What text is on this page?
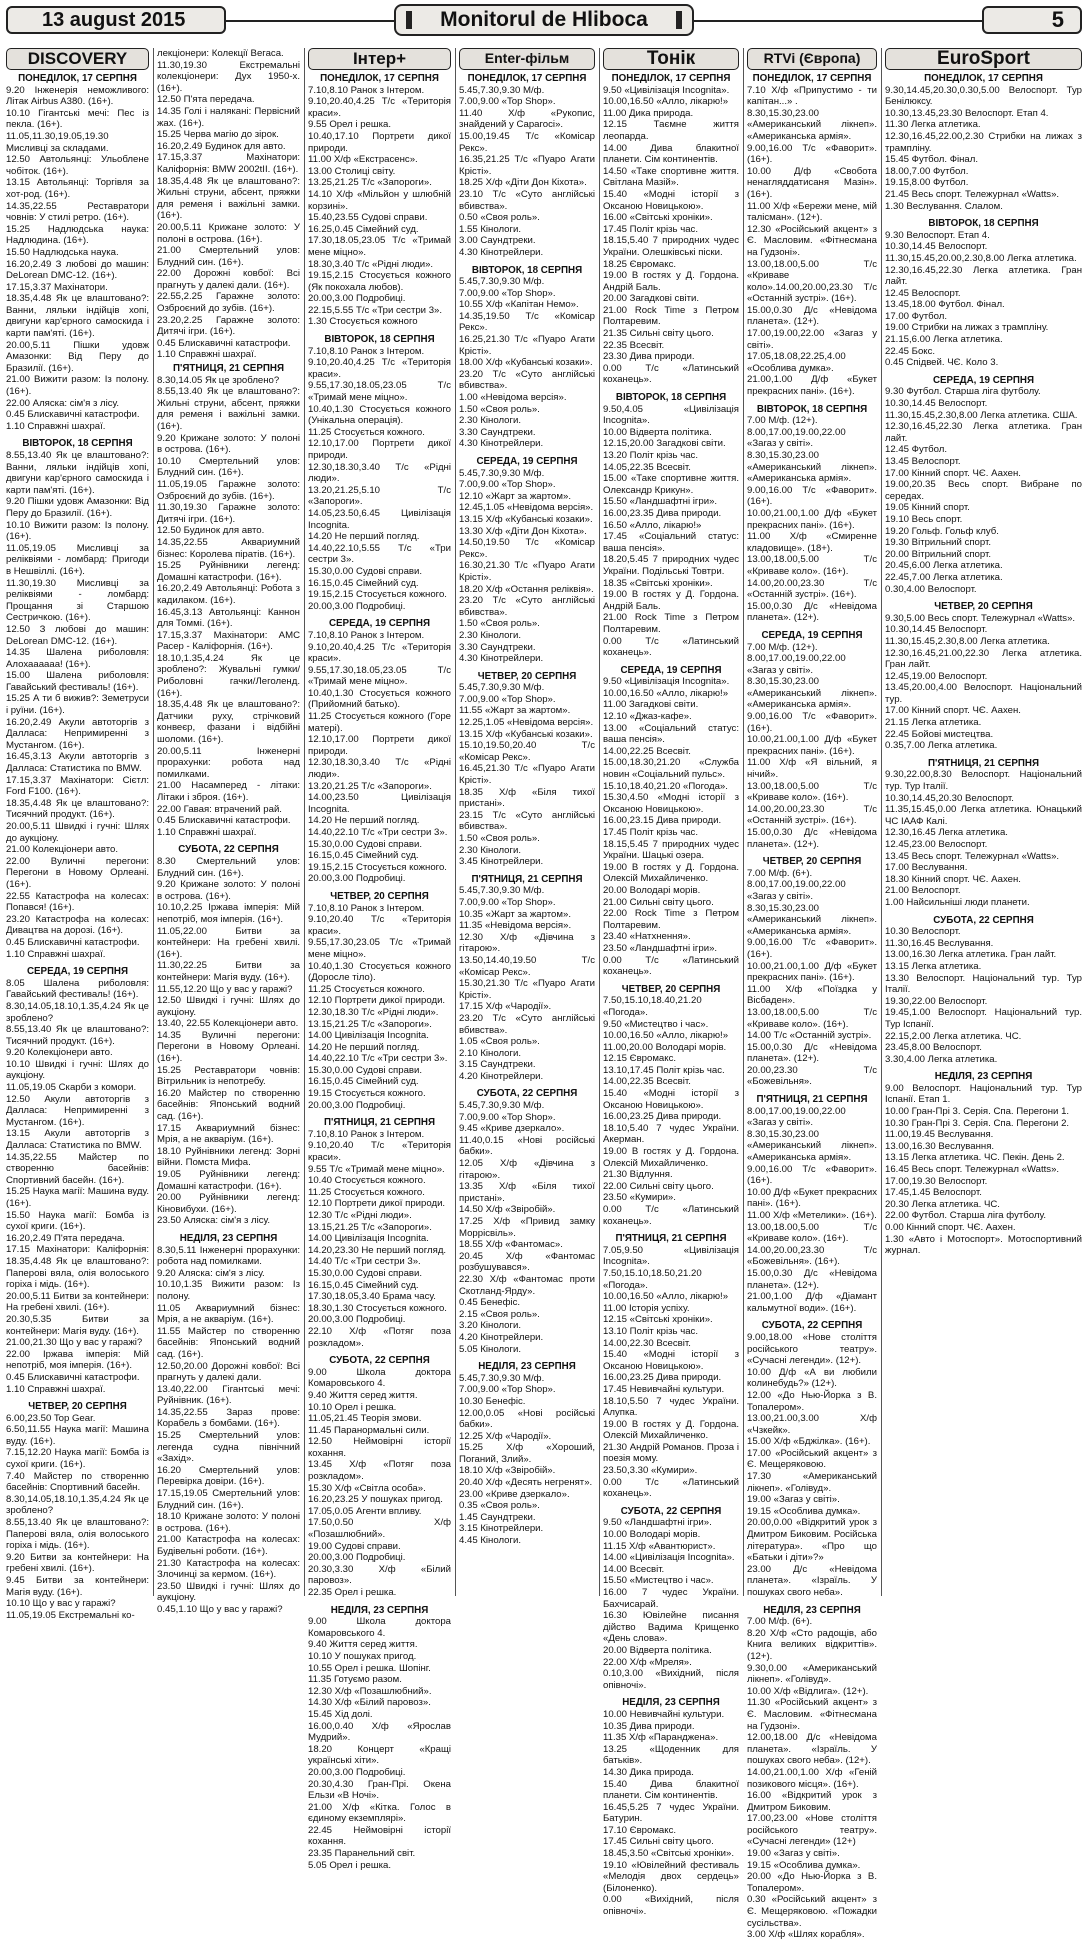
13 august 2015	Monitorul de Hliboca	5
DISCOVERY
ПОНЕДІЛОК, 17 СЕРПНЯ
9.20 Інженерія неможливого: Літак Airbus A380. (16+).
10.10 Гігантські мечі: Пес із пекла. (16+).
11.05,11.30,19.05,19.30 Мисливці за складами.
12.50 Автольянці: Ульоблене чобіток. (16+).
13.15 Автольянці: Торгівля за хот-род. (16+).
14.35,22.55 Реставратори човнів: У стилі ретро. (16+).
15.25 Надлюдська наука: Надлюдина. (16+).
15.50 Надлюдська наука.
16.20,2.49 З любові до машин: DeLorean DMC-12. (16+).
17.15,3.37 Махінатори.
18.35,4.48 Як це влаштовано?: Ванни, ляльки індійців хопі, двигуни кар'єрного самоскида і карти пам'яті. (16+).
20.00,5.11 Пішки удовж Амазонки: Від Перу до Бразилії. (16+).
21.00 Вижити разом: Із полону. (16+).
22.00 Аляска: сім'я з лісу.
0.45 Блискавичні катастрофи.
1.10 Справжні шахраї.
ВІВТОРОК, 18 СЕРПНЯ
8.55,13.40 Як це влаштовано?: Ванни, ляльки індійців хопі, двигуни кар'єрного самоскида і карти пам'яті. (16+).
9.20 Пішки удовж Амазонки: Від Перу до Бразилії. (16+).
10.10 Вижити разом: Із полону. (16+).
11.05,19.05 Мисливці за реліквіями - ломбард: Пригоди в Нешвіллі. (16+).
11.30,19.30 Мисливці за реліквіями - ломбард: Прощання зі Старшою Сестричкою. (16+).
12.50 З любові до машин: DeLorean DMC-12. (16+).
14.35 Шалена риболовля: Алохаааааа! (16+).
15.00 Шалена риболовля: Гавайський фестиваль! (16+).
15.25 А ти б вижив?: Земетруси і руїни. (16+).
16.20,2.49 Акули автоторгів з Далласа: Непримиренні з Мустангом. (16+).
16.45,3.13 Акули автоторгів з Далласа: Статистика по BMW.
17.15,3.37 Махінатори: Сієтл: Ford F100. (16+).
18.35,4.48 Як це влаштовано?: Тисячний продукт. (16+).
20.00,5.11 Швидкі і гучні: Шлях до аукціону.
21.00 Колекціонери авто.
22.00 Вуличні перегони: Перегони в Новому Орлеані. (16+).
22.55 Катастрофа на колесах: Попався! (16+).
23.20 Катастрофа на колесах: Дивацтва на дорозі. (16+).
0.45 Блискавичні катастрофи.
1.10 Справжні шахраї.
СЕРЕДА, 19 СЕРПНЯ
8.05 Шалена риболовля: Гавайський фестиваль! (16+).
8.30,14.05,18.10,1.35,4.24 Як це зроблено?
8.55,13.40 Як це влаштовано?: Тисячний продукт. (16+).
9.20 Колекціонери авто.
10.10 Швидкі і гучні: Шлях до аукціону.
11.05,19.05 Скарби з комори.
12.50 Акули автоторгів з Далласа: Непримиренні з Мустангом. (16+).
13.15 Акули автоторгів з Далласа: Статистика по BMW.
14.35,22.55 Майстер по створенню басейнів: Спортивний басейн. (16+).
15.25 Наука магії: Машина вуду. (16+).
15.50 Наука магії: Бомба із сухої криги. (16+).
16.20,2.49 П'ята передача.
17.15 Махінатори: Каліфорнія: 18.35,4.48 Як це влаштовано?: Паперові вяла, олія волоського горіха і мідь. (16+).
20.00,5.11 Битви за контейнери: На гребені хвилі. (16+).
20.30,5.35 Битви за контейнери: Магія вуду. (16+).
21.00,21.30 Що у вас у гаражі?
22.00 Іржава імперія: Мій непотріб, моя імперія. (16+).
0.45 Блискавичні катастрофи.
1.10 Справжні шахраї.
ЧЕТВЕР, 20 СЕРПНЯ
6.00,23.50 Top Gear.
6.50,11.55 Наука магії: Машина вуду. (16+).
7.15,12.20 Наука магії: Бомба із сухої криги. (16+).
7.40 Майстер по створенню басейнів: Спортивний басейн.
8.30,14.05,18.10,1.35,4.24 Як це зроблено?
8.55,13.40 Як це влаштовано?: Паперові вяла, олія волоського горіха і мідь. (16+).
9.20 Битви за контейнери: На гребені хвилі. (16+).
9.45 Битви за контейнери: Магія вуду. (16+).
10.10 Що у вас у гаражі?
11.05,19.05 Екстремальні ко-
лекціонери: Колекції Вегаса.
11.30,19.30 Екстремальні колекціонери: Дух 1950-х. (16+).
12.50 П'ята передача.
14.35 Голі і налякані: Первісний жах. (16+).
15.25 Черва магію до зірок.
16.20,2.49 Будинок для авто.
17.15,3.37 Махінатори: Каліфорнія: BMW 2002tII. (16+).
18.35,4.48 Як це влаштовано?: Жильні струни, абсент, пряжки для ременя і важільні замки. (16+).
20.00,5.11 Крижане золото: У полоні в острова. (16+).
21.00 Смертельний улов: Блудний син. (16+).
22.00 Дорожні ковбої: Всі прагнуть у далекі дали. (16+).
22.55,2.25 Гаражне золото: Озброєний до зубів. (16+).
23.20,2.25 Гаражне золото: Дитячі ігри. (16+).
0.45 Блискавичні катастрофи.
1.10 Справжні шахраї.
П'ЯТНИЦЯ, 21 СЕРПНЯ
8.30,14.05 Як це зроблено?
8.55,13.40 Як це влаштовано?: Жильні струни, абсент, пряжки для ременя і важільні замки. (16+).
9.20 Крижане золото: У полоні в острова. (16+).
10.10 Смертельний улов: Блудний син. (16+).
11.05,19.05 Гаражне золото: Озброєний до зубів. (16+).
11.30,19.30 Гаражне золото: Дитячі ігри. (16+).
12.50 Будинок для авто.
14.35,22.55 Аквариумний бізнес: Королева піратів. (16+).
15.25 Руйнівники легенд: Домашні катастрофи. (16+).
16.20,2.49 Автольянці: Робота з кадилаком. (16+).
16.45,3.13 Автольянці: Каннон для Томмі. (16+).
17.15,3.37 Махінатори: AMC Расер - Каліфорнія. (16+).
18.10,1.35,4.24 Як це зроблено?: Жувальні гумки/Риболовні гачки/Леголенд. (16+).
18.35,4.48 Як це влаштовано?: Датчики руху, стрічковий конвеєр, фазани і відбійні шоломи. (16+).
20.00,5.11 Інженерні прорахунки: робота над помилками.
21.00 Насамперед - літаки: Літаки і зброя. (16+).
22.00 Гавая: втрачений рай.
0.45 Блискавичні катастрофи.
1.10 Справжні шахраї.
СУБОТА, 22 СЕРПНЯ
8.30 Смертельний улов: Блудний син. (16+).
9.20 Крижане золото: У полоні в острова. (16+).
10.10,2.25 Іржава імперія: Мій непотріб, моя імперія. (16+).
11.05,22.00 Битви за контейнери: На гребені хвилі. (16+).
11.30,22.25 Битви за контейнери: Магія вуду. (16+).
11.55,12.20 Що у вас у гаражі?
12.50 Швидкі і гучні: Шлях до аукціону.
13.40, 22.55 Колекціонери авто.
14.35 Вуличні перегони: Перегони в Новому Орлеані. (16+).
15.25 Реставратори човнів: Вітрильник із непотребу.
16.20 Майстер по створенню басейнів: Японський водний сад. (16+).
17.15 Аквариумний бізнес: Мрія, а не акваріум. (16+).
18.10 Руйнівники легенд: Зорні війни. Помста Мифа.
19.05 Руйнівники легенд: Домашні катастрофи. (16+).
20.00 Руйнівники легенд: Кіновибухи. (16+).
23.50 Аляска: сім'я з лісу.
НЕДІЛЯ, 23 СЕРПНЯ
8.30,5.11 Інженерні прорахунки: робота над помилками.
9.20 Аляска: сім'я з лісу.
10.10,1.35 Вижити разом: Із полону.
11.05 Аквариумний бізнес: Мрія, а не акваріум. (16+).
11.55 Майстер по створенню басейнів: Японський водний сад. (16+).
12.50,20.00 Дорожні ковбої: Всі прагнуть у далекі дали.
13.40,22.00 Гігантські мечі: Руйнівник. (16+).
14.35,22.55 Зараз прове: Корабель з бомбами. (16+).
15.25 Смертельний улов: легенда судна північний «Захід».
16.20 Смертельний улов: Перевірка довіри. (16+).
17.15,19.05 Смертельний улов: Блудний син. (16+).
18.10 Крижане золото: У полоні в острова. (16+).
21.00 Катастрофа на колесах: Будівельні роботи. (16+).
21.30 Катастрофа на колесах: Злочинці за кермом. (16+).
23.50 Швидкі і гучні: Шлях до аукціону.
0.45,1.10 Що у вас у гаражі?
Інтер+
ПОНЕДІЛОК, 17 СЕРПНЯ
7.10,8.10 Ранок з Інтером.
9.10,20.40,4.25 Т/с «Територія краси».
9.55 Орел і решка.
10.40,17.10 Портрети дикої природи.
11.00 Х/ф «Екстрасенс».
13.00 Столиці світу.
13.25,21.25 Т/с «Запороги».
14.10 Х/ф «Мільйон у шлюбній корзині».
15.40,23.55 Судові справи.
16.25,0.45 Сімейний суд.
17.30,18.05,23.05 Т/с «Тримай мене міцно».
18.30,3.40 Т/с «Рідні люди».
19.15,2.15 Стосується кожного (Як покохала любов).
20.00,3.00 Подробиці.
22.15,5.55 Т/с «Три сестри 3».
1.30 Стосується кожного
ВІВТОРОК, 18 СЕРПНЯ
7.10,8.10 Ранок з Інтером.
9.10,20.40,4.25 Т/с «Територія краси».
9.55,17.30,18.05,23.05 Т/с «Тримай мене міцно».
10.40,1.30 Стосується кожного (Унікальна операція).
11.25 Стосується кожного.
12.10,17.00 Портрети дикої природи.
12.30,18.30,3.40 Т/с «Рідні люди».
13.20,21.25,5.10 Т/с «Запороги».
14.05,23.50,6.45 Цивілізація Incognita.
14.20 Не перший погляд.
14.40,22.10,5.55 Т/с «Три сестри 3».
15.30,0.00 Судові справи.
16.15,0.45 Сімейний суд.
19.15,2.15 Стосується кожного.
20.00,3.00 Подробиці.
СЕРЕДА, 19 СЕРПНЯ
7.10,8.10 Ранок з Інтером.
9.10,20.40,4.25 Т/с «Територія краси».
9.55,17.30,18.05,23.05 Т/с «Тримай мене міцно».
10.40,1.30 Стосується кожного (Прийомний батько).
11.25 Стосується кожного (Горе матері).
12.10,17.00 Портрети дикої природи.
12.30,18.30,3.40 Т/с «Рідні люди».
13.20,21.25 Т/с «Запороги».
14.00,23.50 Цивілізація Incognita.
14.20 Не перший погляд.
14.40,22.10 Т/с «Три сестри 3».
15.30,0.00 Судові справи.
16.15,0.45 Сімейний суд.
19.15,2.15 Стосується кожного.
20.00,3.00 Подробиці.
ЧЕТВЕР, 20 СЕРПНЯ
7.10,8.10 Ранок з Інтером.
9.10,20.40 Т/с «Територія краси».
9.55,17.30,23.05 Т/с «Тримай мене міцно».
10.40,1.30 Стосується кожного (Доросле тіло).
11.25 Стосується кожного.
12.10 Портрети дикої природи.
12.30,18.30 Т/с «Рідні люди».
13.15,21.25 Т/с «Запороги».
14.00 Цивілізація Incognita.
14.20 Не перший погляд.
14.40,22.10 Т/с «Три сестри 3».
15.30,0.00 Судові справи.
16.15,0.45 Сімейний суд.
19.15 Стосується кожного.
20.00,3.00 Подробиці.
П'ЯТНИЦЯ, 21 СЕРПНЯ
7.10,8.10 Ранок з Інтером.
9.10,20.40 Т/с «Територія краси».
9.55 Т/с «Тримай мене міцно».
10.40 Стосується кожного.
11.25 Стосується кожного.
12.10 Портрети дикої природи.
12.30 Т/с «Рідні люди».
13.15,21.25 Т/с «Запороги».
14.00 Цивілізація Incognita.
14.20,23.30 Не перший погляд.
14.40 Т/с «Три сестри 3».
15.30,0.00 Судові справи.
16.15,0.45 Сімейний суд.
17.30,18.05,3.40 Брама часу.
18.30,1.30 Стосується кожного.
20.00,3.00 Подробиці.
22.10 Х/ф «Потяг поза розкладом».
СУБОТА, 22 СЕРПНЯ
9.00 Школа доктора Комаровського 4.
9.40 Життя серед життя.
10.10 Орел і решка.
11.05,21.45 Теорія змови.
11.45 Паранормальні сили.
12.50 Неймовірні історії кохання.
13.45 Х/ф «Потяг поза розкладом».
15.30 Х/ф «Світла особа».
16.20,23.25 У пошуках пригод.
17.05,0.05 Агенти впливу.
17.50,0.50 Х/ф «Позашлюбний».
19.00 Судові справи.
20.00,3.00 Подробиці.
20.30,3.30 Х/ф «Білий паровоз».
22.35 Орел і решка.
НЕДІЛЯ, 23 СЕРПНЯ
9.00 Школа доктора Комаровського 4.
9.40 Життя серед життя.
10.10 У пошуках пригод.
10.55 Орел і решка. Шопінг.
11.35 Готуємо разом.
12.30 Х/ф «Позашлюбний».
14.30 Х/ф «Білий паровоз».
15.45 Хід долі.
16.00,0.40 Х/ф «Ярослав Мудрий».
18.20 Концерт «Кращі українські хіти».
20.00,3.00 Подробиці.
20.30,4.30 Гран-Прі. Окена Ельзи «В Ночі».
21.00 Х/ф «Кітка. Голос в єдиному екземплярі».
22.45 Неймовірні історії кохання.
23.35 Паранельний світ.
5.05 Орел і решка.
Enter-фільм
ПОНЕДІЛОК, 17 СЕРПНЯ
5.45,7.30,9.30 М/ф.
7.00,9.00 «Top Shop».
11.40 Х/ф «Рукопис, знайдений у Сарагосі».
15.00,19.45 Т/с «Комісар Рекс».
16.35,21.25 Т/с «Пуаро Агати Крісті».
18.25 Х/ф «Діти Дон Кіхота».
23.10 Т/с «Суто англійські вбивства».
0.50 «Своя роль».
1.55 Кінологи.
3.00 Саундтреки.
4.30 Кінотрейлери.
ВІВТОРОК, 18 СЕРПНЯ
5.45,7.30,9.30 М/ф.
7.00,9.00 «Top Shop».
10.55 Х/ф «Капітан Немо».
14.35,19.50 Т/с «Комісар Рекс».
16.25,21.30 Т/с «Пуаро Агати Крісті».
18.00 Х/ф «Кубанські козаки».
23.20 Т/с «Суто англійські вбивства».
1.00 «Невідома версія».
1.50 «Своя роль».
2.30 Кінологи.
3.30 Саундтреки.
4.30 Кінотрейлери.
СЕРЕДА, 19 СЕРПНЯ
5.45,7.30,9.30 М/ф.
7.00,9.00 «Top Shop».
12.10 «Жарт за жартом».
12.45,1.05 «Невідома версія».
13.15 Х/ф «Кубанські козаки».
13.30 Х/ф «Діти Дон Кіхота».
14.50,19.50 Т/с «Комісар Рекс».
16.30,21.30 Т/с «Пуаро Агати Крісті».
18.20 Х/ф «Остання реліквія».
23.20 Т/с «Суто англійські вбивства».
1.50 «Своя роль».
2.30 Кінологи.
3.30 Саундтреки.
4.30 Кінотрейлери.
ЧЕТВЕР, 20 СЕРПНЯ
5.45,7.30,9.30 М/ф.
7.00,9.00 «Top Shop».
11.55 «Жарт за жартом».
12.25,1.05 «Невідома версія».
13.15 Х/ф «Кубанські козаки».
15.10,19.50,20.40 Т/с «Комісар Рекс».
16.45,21.30 Т/с «Пуаро Агати Крісті».
18.35 Х/ф «Біля тихої пристані».
23.15 Т/с «Суто англійські вбивства».
1.50 «Своя роль».
2.30 Кінологи.
3.45 Кінотрейлери.
П'ЯТНИЦЯ, 21 СЕРПНЯ
5.45,7.30,9.30 М/ф.
7.00,9.00 «Top Shop».
10.35 «Жарт за жартом».
11.35 «Невідома версія».
12.30 Х/ф «Дівчина з гітарою».
13.50,14.40,19.50 Т/с «Комісар Рекс».
15.30,21.30 Т/с «Пуаро Агати Крісті».
17.15 Х/ф «Чародії».
23.20 Т/с «Суто англійські вбивства».
1.05 «Своя роль».
2.10 Кінологи.
3.15 Саундтреки.
4.20 Кінотрейлери.
СУБОТА, 22 СЕРПНЯ
5.45,7.30,9.30 М/ф.
7.00,9.00 «Top Shop».
9.45 «Криве дзеркало».
11.40,0.15 «Нові російські бабки».
12.05 Х/ф «Дівчина з гітарою».
13.35 Х/ф «Біля тихої пристані».
14.50 Х/ф «Звіробій».
17.25 Х/ф «Привид замку Моррісвіль».
18.55 Х/ф «Фантомас».
20.45 Х/ф «Фантомас розбушувався».
22.30 Х/ф «Фантомас проти Скотланд-Ярду».
0.45 Бенефіс.
2.15 «Своя роль».
3.20 Кінологи.
4.20 Кінотрейлери.
5.05 Кінологи.
НЕДІЛЯ, 23 СЕРПНЯ
5.45,7.30,9.30 М/ф.
7.00,9.00 «Top Shop».
10.30 Бенефіс.
12.00,0.05 «Нові російські бабки».
12.25 Х/ф «Чародії».
15.25 Х/ф «Хороший, Поганий, Злий».
18.10 Х/ф «Звіробій».
20.40 Х/ф «Десять негренят».
23.00 «Криве дзеркало».
0.35 «Своя роль».
1.45 Саундтреки.
3.15 Кінотрейлери.
4.45 Кінологи.
Тонік
ПОНЕДІЛОК, 17 СЕРПНЯ
9.50 «Цивілізація Incognita».
10.00,16.50 «Алло, лікарю!»
11.00 Дика природа.
12.15 Таємне життя леопарда.
14.00 Дива блакитної планети. Сім континентів.
14.50 «Таке спортивне життя. Світлана Мазій».
15.40 «Модні історії з Оксаною Новицькою».
16.00 «Світські хроніки».
17.45 Політ крізь час.
18.15,5.40 7 природних чудес України. Олешківські піски.
18.25 Євромакс.
19.00 В гостях у Д. Гордона. Андрій Баль.
20.00 Загадкові світи.
21.00 Rock Time з Петром Полтаревим.
21.35 Сильні світу цього.
22.35 Всесвіт.
23.30 Дива природи.
0.00 Т/с «Латинський коханець».
ВІВТОРОК, 18 СЕРПНЯ
9.50,4.05 «Цивілізація Incognita».
10.00 Відверта політика.
12.15,20.00 Загадкові світи.
13.20 Політ крізь час.
14.05,22.35 Всесвіт.
15.00 «Таке спортивне життя. Олександр Крикун».
15.50 «Ландшафтні ігри».
16.00,23.35 Дива природи.
16.50 «Алло, лікарю!»
17.45 «Соціальний статус: ваша пенсія».
18.20,5.45 7 природних чудес України. Подільські Товтри.
18.35 «Світські хроніки».
19.00 В гостях у Д. Гордона. Андрій Баль.
21.00 Rock Time з Петром Полтаревим.
0.00 Т/с «Латинський коханець».
СЕРЕДА, 19 СЕРПНЯ
9.50 «Цивілізація Incognita».
10.00,16.50 «Алло, лікарю!»
11.00 Загадкові світи.
12.10 «Джаз-кафе».
13.00 «Соціальний статус: ваша пенсія».
14.00,22.25 Всесвіт.
15.00,18.30,21.20 «Служба новин «Соціальний пульс».
15.10,18.40,21.20 «Погода».
15.30,4.50 «Модні історії з Оксаною Новицькою».
16.00,23.15 Дива природи.
17.45 Політ крізь час.
18.15,5.45 7 природних чудес України. Шацькі озера.
19.00 В гостях у Д. Гордона. Олексій Михайличенко.
20.00 Володарі морів.
21.00 Сильні світу цього.
22.00 Rock Time з Петром Полтаревим.
23.40 «Натхнення».
23.50 «Ландшафтні ігри».
0.00 Т/с «Латинський коханець».
ЧЕТВЕР, 20 СЕРПНЯ
7.50,15.10,18.40,21.20 «Погода».
9.50 «Мистецтво і час».
10.00,16.50 «Алло, лікарю!»
11.00,20.00 Володарі морів.
12.15 Євромакс.
13.10,17.45 Політ крізь час.
14.00,22.35 Всесвіт.
15.40 «Модні історії з Оксаною Новицькою».
16.00,23.25 Дива природи.
18.10,5.40 7 чудес України. Акерман.
19.00 В гостях у Д. Гордона. Олексій Михайличенко.
21.30 Відлуння.
22.00 Сильні світу цього.
23.50 «Кумири».
0.00 Т/с «Латинський коханець».
П'ЯТНИЦЯ, 21 СЕРПНЯ
7.05,9.50 «Цивілізація Incognita».
7.50,15.10,18.50,21.20 «Погода».
10.00,16.50 «Алло, лікарю!»
11.00 Історія успіху.
12.15 «Світські хроніки».
13.10 Політ крізь час.
14.00,22.30 Всесвіт.
15.40 «Модні історії з Оксаною Новицькою».
16.00,23.25 Дива природи.
17.45 Невивчайні культури.
18.10,5.50 7 чудес України. Алупка.
19.00 В гостях у Д. Гордона. Олексій Михайличенко.
21.30 Андрій Романов. Проза і поезія мому.
23.50,3.30 «Кумири».
0.00 Т/с «Латинський коханець».
СУБОТА, 22 СЕРПНЯ
9.50 «Ландшафтні ігри».
10.00 Володарі морів.
11.15 Х/ф «Авантюрист».
14.00 «Цивілізація Incognita».
14.00 Всесвіт.
15.50 «Мистецтво і час».
16.00 7 чудес України. Бахчисарай.
16.30 Ювілейне писання дійство Вадима Крищенко «День слова».
20.00 Відверта політика.
22.00 Х/ф «Мреля».
0.10,3.00 «Вихідний, після опівночі».
НЕДІЛЯ, 23 СЕРПНЯ
10.00 Невивчайні культури.
10.35 Дива природи.
11.35 Х/ф «Паранджена».
13.25 «Щоденник для батьків».
14.30 Дика природа.
15.40 Дива блакитної планети. Сім континентів.
16.45,5.25 7 чудес України. Батурин.
17.10 Євромакс.
17.45 Сильні світу цього.
18.45,3.50 «Світські хроніки».
19.10 «Ювілейний фестиваль «Мелодія двох сердець» (Білоненко).
0.00 «Вихідний, після опівночі».
RTVi (Європа)
ПОНЕДІЛОК, 17 СЕРПНЯ
7.10 Х/ф «Припустимо - ти капітан...» .
8.30,15.30,23.00 «Американський лікнеп». «Американська армія».
9.00,16.00 Т/с «Фаворит». (16+).
10.00 Д/ф «Свобота ненагляддатисаня Мазін». (16+).
11.00 Х/ф «Бережи мене, мій талісман». (12+).
12.30 «Російський акцент» з Є. Масловим. «Фітнесмана на Гудзоні».
13.00,18.00,5.00 Т/с «Криваве коло».14.00,20.00,23.30 Т/с «Останній зустрі». (16+).
15.00,0.30 Д/с «Невідома планета». (12+).
17.00,19.00,22.00 «Заraз у світі».
17.05,18.08,22.25,4.00 «Особлива думка».
21.00,1.00 Д/ф «Букет прекрасних пані». (16+).
ВІВТОРОК, 18 СЕРПНЯ
7.00 М/ф. (12+).
8.00,17.00,19.00,22.00 «Заraз у світі».
8.30,15.30,23.00 «Американський лікнеп». «Американська армія».
9.00,16.00 Т/с «Фаворит». (16+).
10.00,21.00,1.00 Д/ф «Букет прекрасних пані». (16+).
11.00 Х/ф «Смиренне кладовище». (18+).
13.00,18.00,5.00 Т/с «Криваве коло». (16+).
14.00,20.00,23.30 Т/с «Останній зустрі». (16+).
15.00,0.30 Д/с «Невідома планета». (12+).
СЕРЕДА, 19 СЕРПНЯ
7.00 М/ф. (12+).
8.00,17.00,19.00,22.00 «Заraз у світі».
8.30,15.30,23.00 «Американський лікнеп». «Американська армія».
9.00,16.00 Т/с «Фаворит». (16+).
10.00,21.00,1.00 Д/ф «Букет прекрасних пані». (16+).
11.00 Х/ф «Я вільний, я нічий».
13.00,18.00,5.00 Т/с «Криваве коло». (16+).
14.00,20.00,23.30 Т/с «Останній зустрі». (16+).
15.00,0.30 Д/с «Невідома планета». (12+).
ЧЕТВЕР, 20 СЕРПНЯ
7.00 М/ф. (6+).
8.00,17.00,19.00,22.00 «Заraз у світі».
8.30,15.30,23.00 «Американський лікнеп». «Американська армія».
9.00,16.00 Т/с «Фаворит». (16+).
10.00,21.00,1.00 Д/ф «Букет прекрасних пані». (16+).
11.00 Х/ф «Поїздка у Вісбаден».
13.00,18.00,5.00 Т/с «Криваве коло». (16+).
14.00 Т/с «Останній зустрі».
15.00,0.30 Д/с «Невідома планета». (12+).
20.00,23.30 Т/с «Божевільня».
П'ЯТНИЦЯ, 21 СЕРПНЯ
8.00,17.00,19.00,22.00 «Заraз у світі».
8.30,15.30,23.00 «Американський лікнеп». «Американська армія».
9.00,16.00 Т/с «Фаворит». (16+).
10.00 Д/ф «Букет прекрасних пані». (16+).
11.00 Х/ф «Метелики». (16+).
13.00,18.00,5.00 Т/с «Криваве коло». (16+).
14.00,20.00,23.30 Т/с «Божевільня». (16+).
15.00,0.30 Д/с «Невідома планета». (12+).
21.00,1.00 Д/ф «Діамант кальмутної води». (16+).
СУБОТА, 22 СЕРПНЯ
9.00,18.00 «Нове століття російського театру». «Сучасні легенди». (12+).
10.00 Д/ф «А ви любили колинебудь?» (12+).
12.00 «До Нью-Йорка з В. Топалером».
13.00,21.00,3.00 Х/ф «Чзкейк».
15.00 Х/ф «Бджілка». (16+).
17.00 «Російський акцент» з Є. Мещеряковою.
17.30 «Американський лікнеп». «Голівуд».
19.00 «Заraз у світі».
19.15 «Особлива думка».
20.00,0.00 «Відкритий урок з Дмитром Биковим. Російська література». «Про що «Батьки і діти»?»
23.00 Д/с «Невідома планета». «Ізраїль. У пошуках свого неба».
НЕДІЛЯ, 23 СЕРПНЯ
7.00 М/ф. (6+).
8.20 Х/ф «Сто радощів, або Книга великих відкриттів». (12+).
9.30,0.00 «Американський лікнеп». «Голівуд».
10.00 Х/ф «Відлига». (12+).
11.30 «Російський акцент» з Є. Масловим. «Фітнесмана на Гудзоні».
12.00,18.00 Д/с «Невідома планета». «Ізраїль. У пошуках свого неба». (12+).
14.00,21.00,1.00 Х/ф «Геній позикового місця». (16+).
16.00 «Відкритий урок з Дмитром Биковим.
17.00,23.00 «Нове століття російського театру». «Сучасні легенди» (12+)
19.00 «Заraз у світі».
19.15 «Особлива думка».
20.00 «До Нью-Йорка з В. Топалером».
0.30 «Російський акцент» з Є. Мещеряковою. «Пожадки сусільства».
3.00 Х/ф «Шлях корабля».
EuroSport
ПОНЕДІЛОК, 17 СЕРПНЯ
9.30,14.45,20.30,0.30,5.00 Велоспорт. Тур Бенілюксу.
10.30,13.45,23.30 Велоспорт. Етап 4.
11.30 Легка атлетика.
12.30,16.45,22.00,2.30 Стрибки на лижах з трампліну.
15.45 Футбол. Фінал.
18.00,7.00 Футбол.
19.15,8.00 Футбол.
21.45 Весь спорт. Тележурнал «Watts».
1.30 Веслування. Слалом.
ВІВТОРОК, 18 СЕРПНЯ
9.30 Велоспорт. Етап 4.
10.30,14.45 Велоспорт.
11.30,15.45,20.00,2.30,8.00 Легка атлетика.
12.30,16.45,22.30 Легка атлетика. Гран лайт.
12.45 Велоспорт.
13.45,18.00 Футбол. Фінал.
17.00 Футбол.
19.00 Стрибки на лижах з трампліну.
21.15,6.00 Легка атлетика.
22.45 Бокс.
0.45 Спідвей. ЧЄ. Коло 3.
СЕРЕДА, 19 СЕРПНЯ
9.30 Футбол. Старша ліга футболу.
10.30,14.45 Велоспорт.
11.30,15.45,2.30,8.00 Легка атлетика. США.
12.30,16.45,22.30 Легка атлетика. Гран лайт.
12.45 Футбол.
13.45 Велоспорт.
17.00 Кінний спорт. ЧЄ. Аахен.
19.00,20.35 Весь спорт. Вибране по середах.
19.05 Кінний спорт.
19.10 Весь спорт.
19.20 Гольф. Гольф клуб.
19.30 Вітрильний спорт.
20.00 Вітрильний спорт.
20.45,6.00 Легка атлетика.
22.45,7.00 Легка атлетика.
0.30,4.00 Велоспорт.
ЧЕТВЕР, 20 СЕРПНЯ
9.30,5.00 Весь спорт. Тележурнал «Watts».
10.30,14.45 Велоспорт.
11.30,15.45,2.30,8.00 Легка атлетика.
12.30,16.45,21.00,22.30 Легка атлетика. Гран лайт.
12.45,19.00 Велоспорт.
13.45,20.00,4.00 Велоспорт. Національний тур.
17.00 Кінний спорт. ЧЄ. Аахен.
21.15 Легка атлетика.
22.45 Бойові мистецтва.
0.35,7.00 Легка атлетика.
П'ЯТНИЦЯ, 21 СЕРПНЯ
9.30,22.00,8.30 Велоспорт. Національний тур. Тур Італії.
10.30,14.45,20.30 Велоспорт.
11.35,15.45,0.00 Легка атлетика. Юнацький ЧС ІААФ Калі.
12.30,16.45 Легка атлетика.
12.45,23.00 Велоспорт.
13.45 Весь спорт. Тележурнал «Watts».
17.00 Веслування.
18.30 Кінний спорт. ЧЄ. Аахен.
21.00 Велоспорт.
1.00 Найсильніші люди планети.
СУБОТА, 22 СЕРПНЯ
10.30 Велоспорт.
11.30,16.45 Веслування.
13.00,16.30 Легка атлетика. Гран лайт.
13.15 Легка атлетика.
13.30 Велоспорт. Національний тур. Тур Італії.
19.30,22.00 Велоспорт.
19.45,1.00 Велоспорт. Національний тур. Тур Іспанії.
22.15,2.00 Легка атлетика. ЧС.
23.45,8.00 Велоспорт.
3.30,4.00 Легка атлетика.
НЕДІЛЯ, 23 СЕРПНЯ
9.00 Велоспорт. Національний тур. Тур Іспанії. Етап 1.
10.00 Гран-Прі 3. Серія. Спа. Перегони 1.
10.30 Гран-Прі 3. Серія. Спа. Перегони 2.
11.00,19.45 Веслування.
13.00,16.30 Веслування.
13.15 Легка атлетика. ЧС. Пекін. День 2.
16.45 Весь спорт. Тележурнал «Watts».
17.00,19.30 Велоспорт.
17.45,1.45 Велоспорт.
20.30 Легка атлетика. ЧС.
22.00 Футбол. Старша ліга футболу.
0.00 Кінний спорт. ЧЄ. Аахен.
1.30 «Авто і Мотоспорт». Мотоспортивний журнал.
